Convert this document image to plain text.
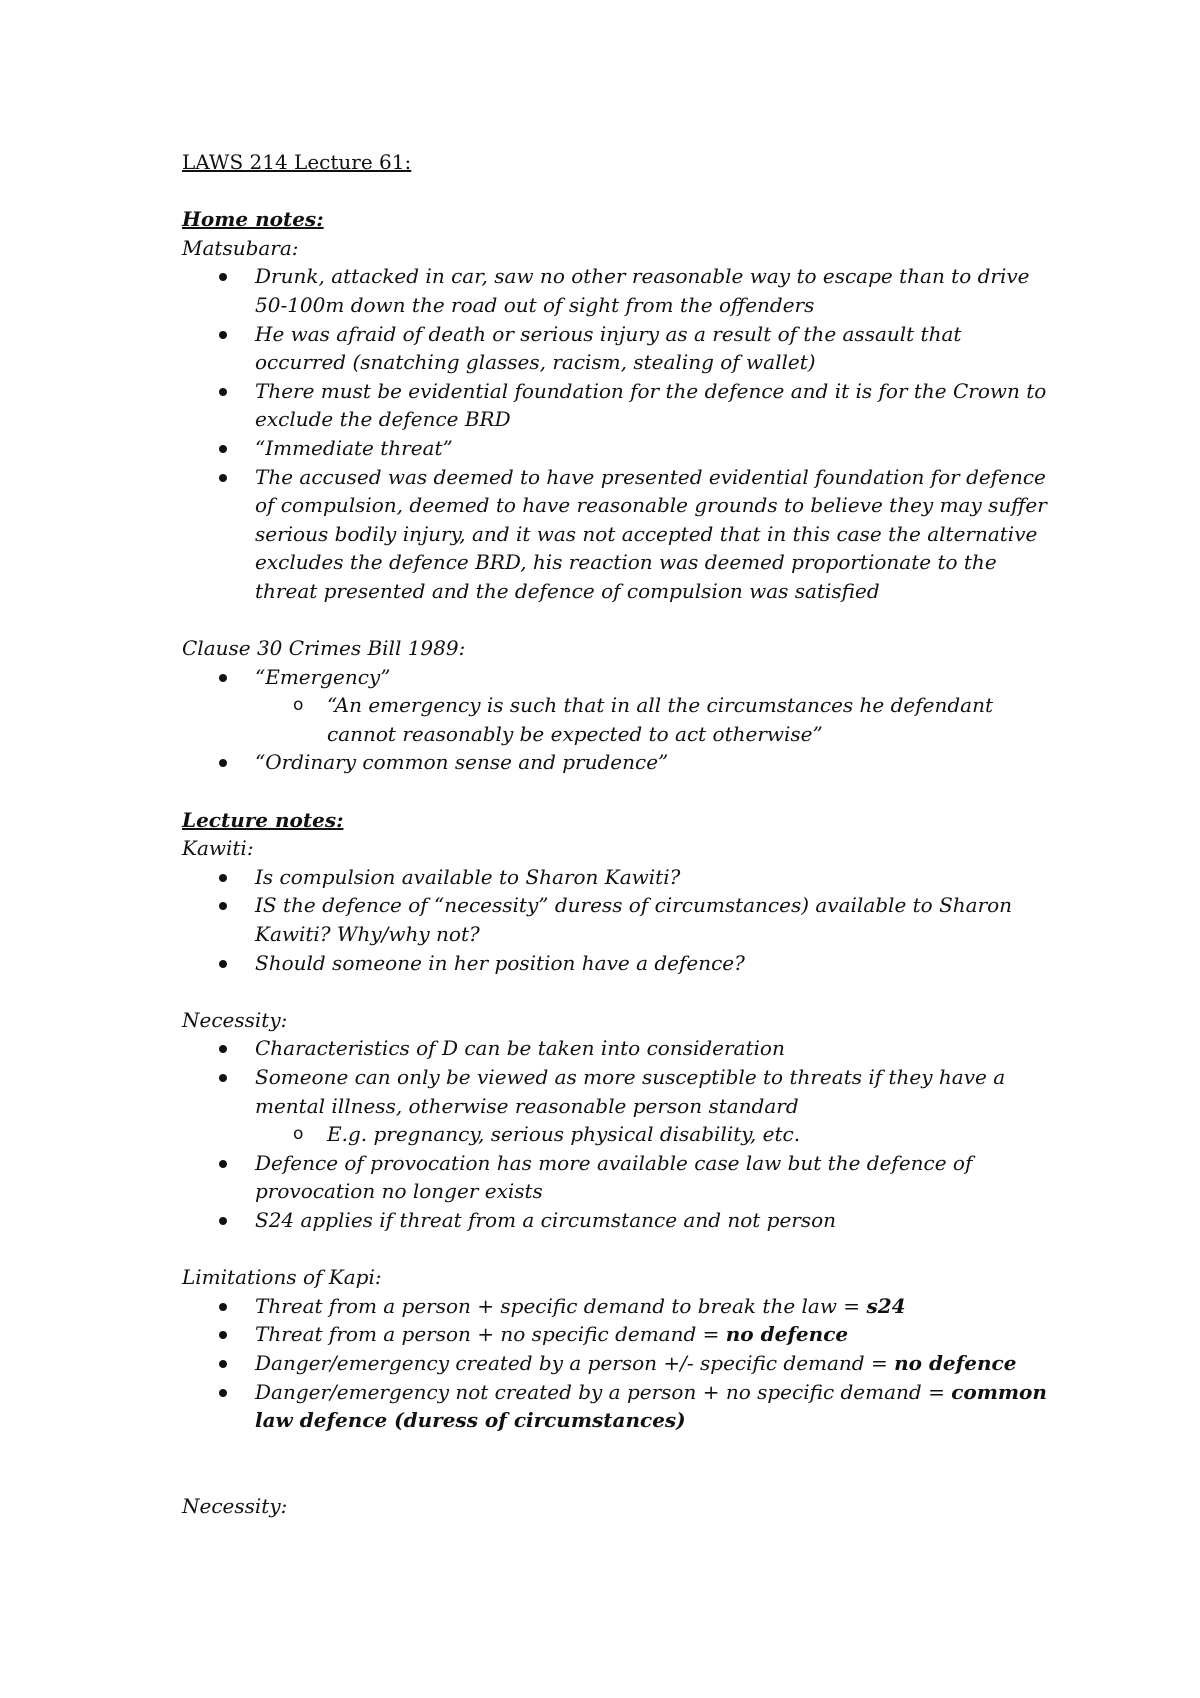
LAWS 214 Lecture 61:
Home notes:
Matsubara:
Drunk, attacked in car, saw no other reasonable way to escape than to drive 50-100m down the road out of sight from the offenders
He was afraid of death or serious injury as a result of the assault that occurred (snatching glasses, racism, stealing of wallet)
There must be evidential foundation for the defence and it is for the Crown to exclude the defence BRD
“Immediate threat”
The accused was deemed to have presented evidential foundation for defence of compulsion, deemed to have reasonable grounds to believe they may suffer serious bodily injury, and it was not accepted that in this case the alternative excludes the defence BRD, his reaction was deemed proportionate to the threat presented and the defence of compulsion was satisfied
Clause 30 Crimes Bill 1989:
“Emergency”
o “An emergency is such that in all the circumstances he defendant cannot reasonably be expected to act otherwise”
“Ordinary common sense and prudence”
Lecture notes:
Kawiti:
Is compulsion available to Sharon Kawiti?
IS the defence of “necessity” duress of circumstances) available to Sharon Kawiti? Why/why not?
Should someone in her position have a defence?
Necessity:
Characteristics of D can be taken into consideration
Someone can only be viewed as more susceptible to threats if they have a mental illness, otherwise reasonable person standard
o E.g. pregnancy, serious physical disability, etc.
Defence of provocation has more available case law but the defence of provocation no longer exists
S24 applies if threat from a circumstance and not person
Limitations of Kapi:
Threat from a person + specific demand to break the law = s24
Threat from a person + no specific demand = no defence
Danger/emergency created by a person +/- specific demand = no defence
Danger/emergency not created by a person + no specific demand = common law defence (duress of circumstances)
Necessity:
